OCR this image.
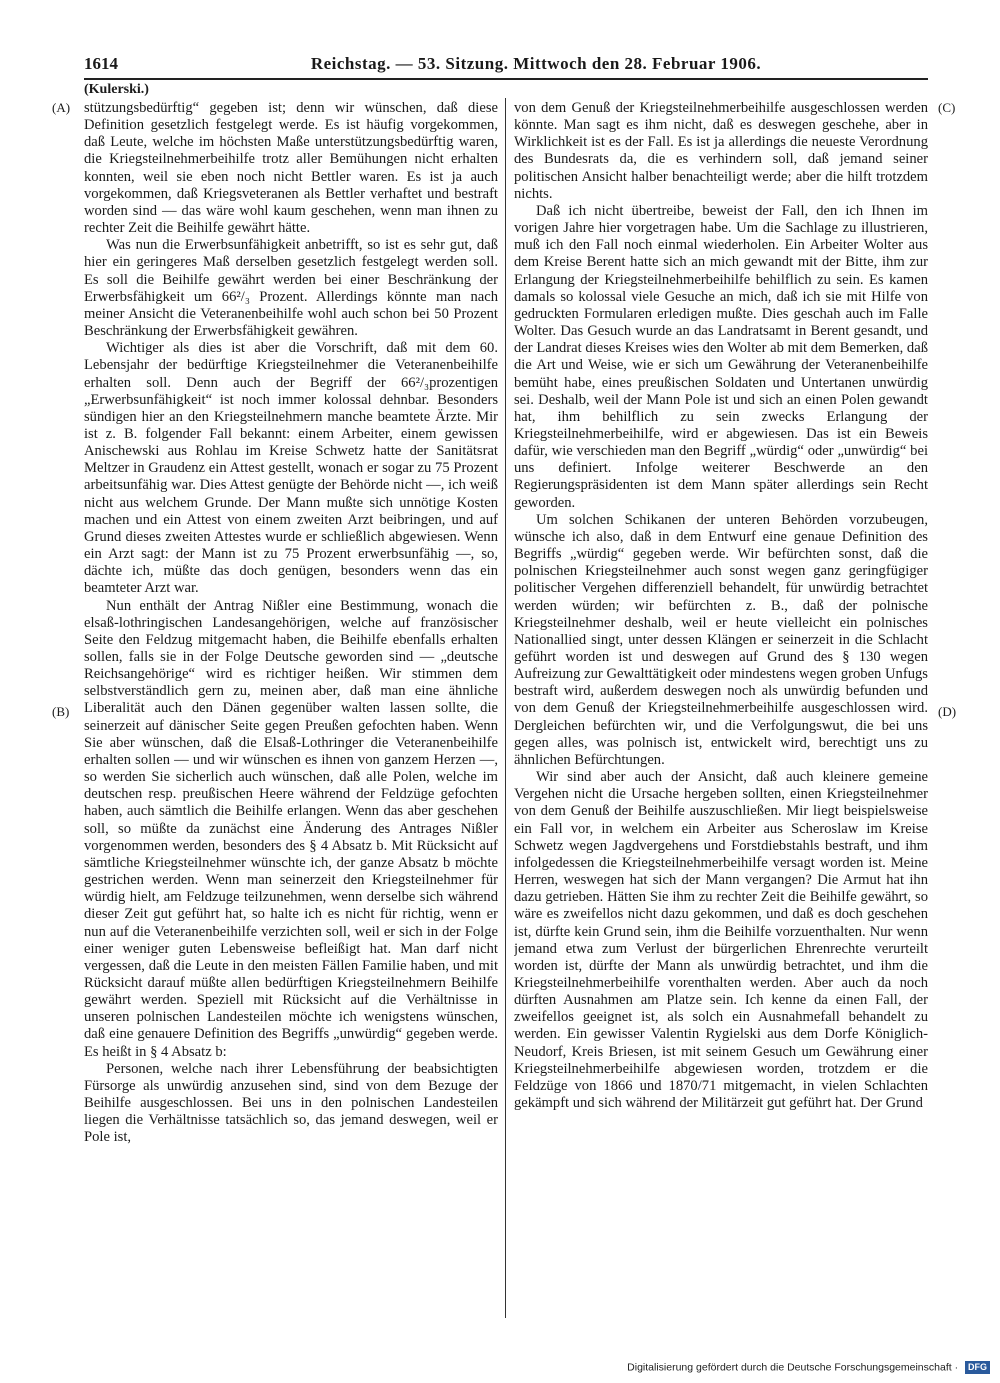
1614	Reichstag. — 53. Sitzung. Mittwoch den 28. Februar 1906.
(Kulerski.)
(A)
(B)
(C)
(D)

stützungsbedürftig“ gegeben ist; denn wir wünschen, daß diese Definition gesetzlich festgelegt werde. Es ist häufig vorgekommen, daß Leute, welche im höchsten Maße unterstützungsbedürftig waren, die Kriegsteilnehmerbeihilfe trotz aller Bemühungen nicht erhalten konnten, weil sie eben noch nicht Bettler waren. Es ist ja auch vorgekommen, daß Kriegsveteranen als Bettler verhaftet und bestraft worden sind — das wäre wohl kaum geschehen, wenn man ihnen zu rechter Zeit die Beihilfe gewährt hätte.

Was nun die Erwerbsunfähigkeit anbetrifft, so ist es sehr gut, daß hier ein geringeres Maß derselben gesetzlich festgelegt werden soll. Es soll die Beihilfe gewährt werden bei einer Beschränkung der Erwerbsfähigkeit um 66²/₃ Prozent. Allerdings könnte man nach meiner Ansicht die Veteranenbeihilfe wohl auch schon bei 50 Prozent Beschränkung der Erwerbsfähigkeit gewähren.

Wichtiger als dies ist aber die Vorschrift, daß mit dem 60. Lebensjahr der bedürftige Kriegsteilnehmer die Veteranenbeihilfe erhalten soll. Denn auch der Begriff der 66²/₃prozentigen „Erwerbsunfähigkeit“ ist noch immer kolossal dehnbar. Besonders sündigen hier an den Kriegsteilnehmern manche beamtete Ärzte. Mir ist z. B. folgender Fall bekannt: einem Arbeiter, einem gewissen Anischewski aus Rohlau im Kreise Schwetz hatte der Sanitätsrat Meltzer in Graudenz ein Attest gestellt, wonach er sogar zu 75 Prozent arbeitsunfähig war. Dies Attest genügte der Behörde nicht —, ich weiß nicht aus welchem Grunde. Der Mann mußte sich unnötige Kosten machen und ein Attest von einem zweiten Arzt beibringen, und auf Grund dieses zweiten Attestes wurde er schließlich abgewiesen. Wenn ein Arzt sagt: der Mann ist zu 75 Prozent erwerbsunfähig —, so, dächte ich, müßte das doch genügen, besonders wenn das ein beamteter Arzt war.

Nun enthält der Antrag Nißler eine Bestimmung, wonach die elsaß-lothringischen Landesangehörigen, welche auf französischer Seite den Feldzug mitgemacht haben, die Beihilfe ebenfalls erhalten sollen, falls sie in der Folge Deutsche geworden sind — „deutsche Reichsangehörige“ wird es richtiger heißen. Wir stimmen dem selbstverständlich gern zu, meinen aber, daß man eine ähnliche Liberalität auch den Dänen gegenüber walten lassen sollte, die seinerzeit auf dänischer Seite gegen Preußen gefochten haben. Wenn Sie aber wünschen, daß die Elsaß-Lothringer die Veteranenbeihilfe erhalten sollen — und wir wünschen es ihnen von ganzem Herzen —, so werden Sie sicherlich auch wünschen, daß alle Polen, welche im deutschen resp. preußischen Heere während der Feldzüge gefochten haben, auch sämtlich die Beihilfe erlangen. Wenn das aber geschehen soll, so müßte da zunächst eine Änderung des Antrages Nißler vorgenommen werden, besonders des § 4 Absatz b. Mit Rücksicht auf sämtliche Kriegsteilnehmer wünschte ich, der ganze Absatz b möchte gestrichen werden. Wenn man seinerzeit den Kriegsteilnehmer für würdig hielt, am Feldzuge teilzunehmen, wenn derselbe sich während dieser Zeit gut geführt hat, so halte ich es nicht für richtig, wenn er nun auf die Veteranenbeihilfe verzichten soll, weil er sich in der Folge einer weniger guten Lebensweise befleißigt hat. Man darf nicht vergessen, daß die Leute in den meisten Fällen Familie haben, und mit Rücksicht darauf müßte allen bedürftigen Kriegsteilnehmern Beihilfe gewährt werden. Speziell mit Rücksicht auf die Verhältnisse in unseren polnischen Landesteilen möchte ich wenigstens wünschen, daß eine genauere Definition des Begriffs „unwürdig“ gegeben werde. Es heißt in § 4 Absatz b:

Personen, welche nach ihrer Lebensführung der beabsichtigten Fürsorge als unwürdig anzusehen sind, sind von dem Bezuge der Beihilfe ausgeschlossen. Bei uns in den polnischen Landesteilen liegen die Verhältnisse tatsächlich so, das jemand deswegen, weil er Pole ist,

von dem Genuß der Kriegsteilnehmerbeihilfe ausgeschlossen werden könnte. Man sagt es ihm nicht, daß es deswegen geschehe, aber in Wirklichkeit ist es der Fall. Es ist ja allerdings die neueste Verordnung des Bundesrats da, die es verhindern soll, daß jemand seiner politischen Ansicht halber benachteiligt werde; aber die hilft trotzdem nichts.

Daß ich nicht übertreibe, beweist der Fall, den ich Ihnen im vorigen Jahre hier vorgetragen habe. Um die Sachlage zu illustrieren, muß ich den Fall noch einmal wiederholen. Ein Arbeiter Wolter aus dem Kreise Berent hatte sich an mich gewandt mit der Bitte, ihm zur Erlangung der Kriegsteilnehmerbeihilfe behilflich zu sein. Es kamen damals so kolossal viele Gesuche an mich, daß ich sie mit Hilfe von gedruckten Formularen erledigen mußte. Dies geschah auch im Falle Wolter. Das Gesuch wurde an das Landratsamt in Berent gesandt, und der Landrat dieses Kreises wies den Wolter ab mit dem Bemerken, daß die Art und Weise, wie er sich um Gewährung der Veteranenbeihilfe bemüht habe, eines preußischen Soldaten und Untertanen unwürdig sei. Deshalb, weil der Mann Pole ist und sich an einen Polen gewandt hat, ihm behilflich zu sein zwecks Erlangung der Kriegsteilnehmerbeihilfe, wird er abgewiesen. Das ist ein Beweis dafür, wie verschieden man den Begriff „würdig“ oder „unwürdig“ bei uns definiert. Infolge weiterer Beschwerde an den Regierungspräsidenten ist dem Mann später allerdings sein Recht geworden.

Um solchen Schikanen der unteren Behörden vorzubeugen, wünsche ich also, daß in dem Entwurf eine genaue Definition des Begriffs „würdig“ gegeben werde. Wir befürchten sonst, daß die polnischen Kriegsteilnehmer auch sonst wegen ganz geringfügiger politischer Vergehen differenziell behandelt, für unwürdig betrachtet werden würden; wir befürchten z. B., daß der polnische Kriegsteilnehmer deshalb, weil er heute vielleicht ein polnisches Nationallied singt, unter dessen Klängen er seinerzeit in die Schlacht geführt worden ist und deswegen auf Grund des § 130 wegen Aufreizung zur Gewalttätigkeit oder mindestens wegen groben Unfugs bestraft wird, außerdem deswegen noch als unwürdig befunden und von dem Genuß der Kriegsteilnehmerbeihilfe ausgeschlossen wird. Dergleichen befürchten wir, und die Verfolgungswut, die bei uns gegen alles, was polnisch ist, entwickelt wird, berechtigt uns zu ähnlichen Befürchtungen.

Wir sind aber auch der Ansicht, daß auch kleinere gemeine Vergehen nicht die Ursache hergeben sollten, einen Kriegsteilnehmer von dem Genuß der Beihilfe auszuschließen. Mir liegt beispielsweise ein Fall vor, in welchem ein Arbeiter aus Scheroslaw im Kreise Schwetz wegen Jagdvergehens und Forstdiebstahls bestraft, und ihm infolgedessen die Kriegsteilnehmerbeihilfe versagt worden ist. Meine Herren, weswegen hat sich der Mann vergangen? Die Armut hat ihn dazu getrieben. Hätten Sie ihm zu rechter Zeit die Beihilfe gewährt, so wäre es zweifellos nicht dazu gekommen, und daß es doch geschehen ist, dürfte kein Grund sein, ihm die Beihilfe vorzuenthalten. Nur wenn jemand etwa zum Verlust der bürgerlichen Ehrenrechte verurteilt worden ist, dürfte der Mann als unwürdig betrachtet, und ihm die Kriegsteilnehmerbeihilfe vorenthalten werden. Aber auch da noch dürften Ausnahmen am Platze sein. Ich kenne da einen Fall, der zweifellos geeignet ist, als solch ein Ausnahmefall behandelt zu werden. Ein gewisser Valentin Rygielski aus dem Dorfe Königlich-Neudorf, Kreis Briesen, ist mit seinem Gesuch um Gewährung einer Kriegsteilnehmerbeihilfe abgewiesen worden, trotzdem er die Feldzüge von 1866 und 1870/71 mitgemacht, in vielen Schlachten gekämpft und sich während der Militärzeit gut geführt hat. Der Grund

Digitalisierung gefördert durch die Deutsche Forschungsgemeinschaft · DFG
